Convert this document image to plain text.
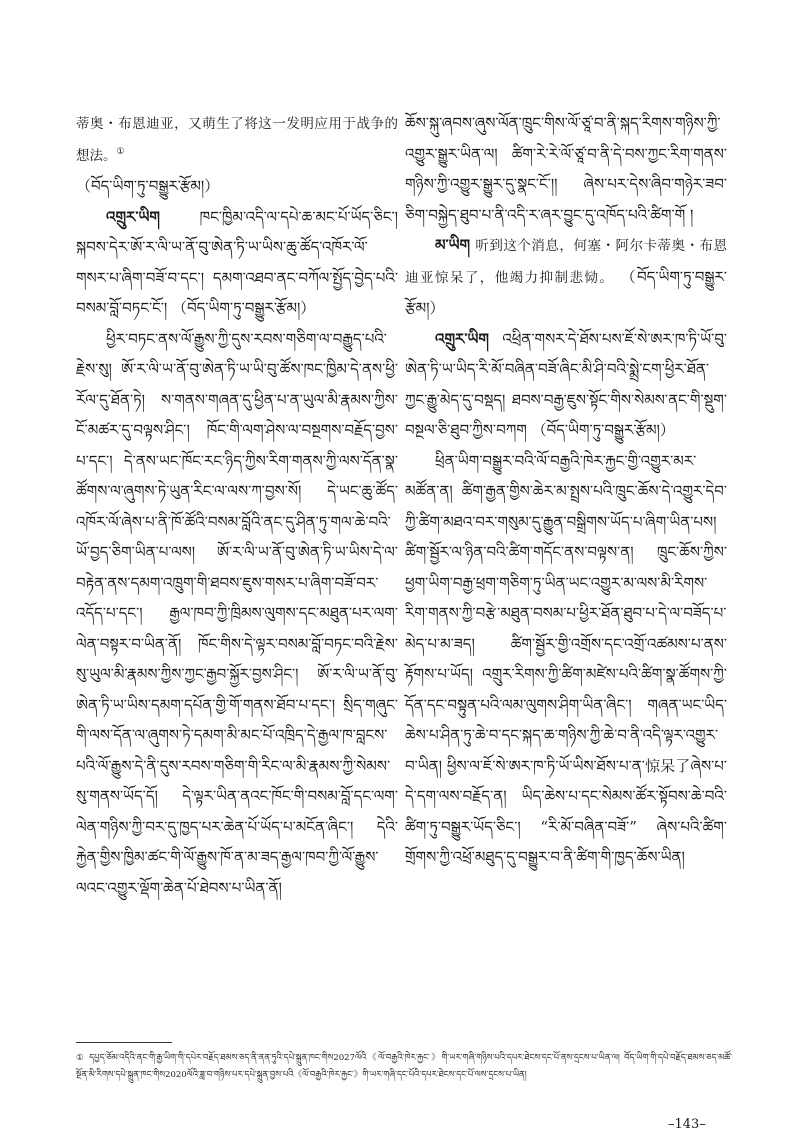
蒂奥・布恩迪亚，又萌生了将这一发明应用于战争的想法。①

（བོད་ཡིག་ཏུ་བསྒྱུར་རྩོམ།）

འགྲུར་ཡིག	ཁང་ཁྱིམ་འདི་ལ་དཔེ་ཆ་མང་པོ་ཡོད་ཅིང་། སྐབས་དེར་ཨོ་ར་ལི་ཡ་ནོ་བུ་ཨེན་ཏི་ཡ་ཡིས་ཆུ་ཚོད་འཁོར་ལོ་གསར་པ་ཞིག་བཟོ་བ་དང་། དམག་འཐབ་ནང་བཀོལ་སྤྱོད་བྱེད་པའི་བསམ་བློ་བཏང་ངོ་། （བོད་ཡིག་ཏུ་བསྒྱུར་རྩོམ།）

ཕྱིར་བཏང་ནས་ལོ་རྒྱུས་ཀྱི་དུས་རབས་གཅིག་ལ་བརྒྱུད་པའི་རྗེས་སུ། ཨོ་ར་ལི་ཡ་ནོ་བུ་ཨེན་ཏི་ཡ་ཡི་བུ་ཚོས་ཁང་ཁྱིམ་དེ་ནས་ཕྱི་རོལ་དུ་ཐོན་ཏེ། ས་གནས་གཞན་དུ་ཕྱིན་པ་ན་ཡུལ་མི་རྣམས་ཀྱིས་ངོ་མཚར་དུ་བལྟས་ཤིང་། ཁོང་གི་ལག་ཤེས་ལ་བསྔགས་བརྗོད་བྱས་པ་དང་། དེ་ནས་ཡང་ཁོང་རང་ཉིད་ཀྱིས་རིག་གནས་ཀྱི་ལས་དོན་སྣ་ཚོགས་ལ་ཞུགས་ཏེ་ཡུན་རིང་ལ་ལས་ཀ་བྱས་སོ། དེ་ཡང་ཆུ་ཚོད་འཁོར་ལོ་ཞེས་པ་ནི་ཁོ་ཚོའི་བསམ་བློའི་ནང་དུ་ཤིན་ཏུ་གལ་ཆེ་བའི་ཡོ་བྱད་ཅིག་ཡིན་པ་ལས། ཨོ་ར་ལི་ཡ་ནོ་བུ་ཨེན་ཏི་ཡ་ཡིས་དེ་ལ་བརྟེན་ནས་དམག་འཁྲུག་གི་ཐབས་ཇུས་གསར་པ་ཞིག་བཟོ་བར་འདོད་པ་དང་། རྒྱལ་ཁབ་ཀྱི་ཁྲིམས་ལུགས་དང་མཐུན་པར་ལག་ལེན་བསྟར་བ་ཡིན་ནོ། ཁོང་གིས་དེ་ལྟར་བསམ་བློ་བཏང་བའི་རྗེས་སུ་ཡུལ་མི་རྣམས་ཀྱིས་ཀྱང་རྒྱབ་སྐྱོར་བྱས་ཤིང་། ཨོ་ར་ལི་ཡ་ནོ་བུ་ཨེན་ཏི་ཡ་ཡིས་དམག་དཔོན་གྱི་གོ་གནས་ཐོབ་པ་དང་། སྲིད་གཞུང་གི་ལས་དོན་ལ་ཞུགས་ཏེ་དམག་མི་མང་པོ་འཁྲིད་དེ་རྒྱལ་ཁ་བླངས་པའི་ལོ་རྒྱུས་དེ་ནི་དུས་རབས་གཅིག་གི་རིང་ལ་མི་རྣམས་ཀྱི་སེམས་སུ་གནས་ཡོད་དོ། དེ་ལྟར་ཡིན་ནའང་ཁོང་གི་བསམ་བློ་དང་ལག་ལེན་གཉིས་ཀྱི་བར་དུ་ཁྱད་པར་ཆེན་པོ་ཡོད་པ་མངོན་ཞིང་། དེའི་རྐྱེན་གྱིས་ཁྱིམ་ཚང་གི་ལོ་རྒྱུས་ཁོ་ན་མ་ཟད་རྒྱལ་ཁབ་ཀྱི་ལོ་རྒྱུས་ལའང་འགྱུར་ལྡོག་ཆེན་པོ་ཐེབས་པ་ཡིན་ནོ།

ཆོས་སྐུ་ཞབས་ཞུས་ལོན་ཁྲུང་གིས་ལོ་ཙཱ་བ་ནི་སྐད་རིགས་གཉིས་ཀྱི་འགྱུར་སྒྱུར་ཡིན་ལ། ཚིག་རེ་རེ་ལོ་ཙཱ་བ་ནི་དེ་བས་ཀྱང་རིག་གནས་གཉིས་ཀྱི་འགྱུར་སྒྱུར་དུ་སྣང་ངོ་།། ཞེས་པར་དེས་ཞིབ་གཉེར་ཟབ་ཅིག་བསྐྱེད་ཐུབ་པ་ནི་འདི་ར་ཞར་བྱུང་དུ་འཁོད་པའི་ཚིག་གོ །

མ་ཡིག 听到这个消息，何塞・阿尔卡蒂奥・布恩迪亚惊呆了，他竭力抑制悲恸。 （བོད་ཡིག་ཏུ་བསྒྱུར་རྩོམ།）

འགྲུར་ཡིག འཕྲིན་གསར་དེ་ཐོས་པས་ཇོ་སེ་ཨར་ཁ་ཏི་ཡོ་བུ་ཨེན་ཏི་ཡ་ཡིད་རི་མོ་བཞིན་བཟོ་ཞིང་མི་ཤི་བའི་སྨྲེ་ངག་ཕྱིར་ཐོན་ཀྱང་རྒྱུ་མེད་དུ་བསྡད། ཐབས་བརྒྱ་ཇུས་སྟོང་གིས་སེམས་ནང་གི་སྡུག་བསྔལ་ཅི་ཐུབ་ཀྱིས་བཀག （བོད་ཡིག་ཏུ་བསྒྱུར་རྩོམ།）

ཕྲིན་ཡིག་བསྒྱུར་བའི་ལོ་བརྒྱའི་ཁེར་རྐྱང་གྱི་འགྱུར་མར་མཚོན་ན། ཚིག་རྒྱན་གྱིས་ཆེར་མ་སྤྲས་པའི་ཁྲུང་ཆོས་དེ་འགྱུར་དེབ་ཀྱི་ཚིག་མཐའ་བར་གསུམ་དུ་རྒྱུན་བསྒྲིགས་ཡོད་པ་ཞིག་ཡིན་པས། ཚིག་སྦྱོར་ལ་ཉིན་བའི་ཚིག་གདོང་ནས་བལྟས་ན། ཁྲུང་ཆོས་ཀྱིས་ཕྱག་ཡིག་བརྒྱ་ཕྲག་གཅིག་ཏུ་ཡིན་ཡང་འགྱུར་མ་ལས་མི་རིགས་རིག་གནས་ཀྱི་བརྩེ་མཐུན་བསམ་པ་ཕྱིར་ཐོན་ཐུབ་པ་དེ་ལ་བཟོད་པ་མེད་པ་མ་ཟད། ཚིག་སྦྱོར་གྱི་འགྲོས་དང་འགྲོ་འཚམས་པ་ནས་རྟོགས་པ་ཡོད། འགྲུར་རིགས་ཀྱི་ཚིག་མཛེས་པའི་ཚིག་སྣ་ཚོགས་ཀྱི་དོན་དང་བསྟུན་པའི་ལམ་ལུགས་ཤིག་ཡིན་ཞིང་། གཞན་ཡང་ཡིད་ཆེས་པ་ཤིན་ཏུ་ཆེ་བ་དང་སྐད་ཆ་གཉིས་ཀྱི་ཆེ་བ་ནི་འདི་ལྟར་འགྱུར་བ་ཡིན། ཕྱིས་ལ་ཇོ་སེ་ཨར་ཁ་ཏི་ཡོ་ཡིས་ཐོས་པ་ན་惊呆了ཞེས་པ་དེ་དག་ལས་བརྗོད་ན། ཡིད་ཆེས་པ་དང་སེམས་ཚོར་སྟོབས་ཆེ་བའི་ཚིག་ཏུ་བསྒྱུར་ཡོད་ཅིང་། “རི་མོ་བཞིན་བཟོ་” ཞེས་པའི་ཚིག་གྲོགས་ཀྱི་འཕྲོ་མཐུད་དུ་བསྒྱུར་བ་ནི་ཚིག་གི་ཁྱད་ཆོས་ཡིན།

① དཔྱད་ཅོམ་འདིའི་ནང་གི་རྒྱ་ཡིག་གི་དཔེར་བརྗོད་ཐམས་ཅད་ནི་ནན་ཏུའི་དཔེ་སྐྲུན་ཁང་གིས2027ལོའི《ལོ་བརྒྱའི་ཁེར་རྐྱང་》གི་ཡར་གཞི་གཉིས་པའི་དཔར་ཐེངས་དང་པོ་ནས་དྲངས་པ་ཡིན་ལ། བོད་ཡིག་གི་དཔེ་བརྗོད་ཐམས་ཅད་མཚོ་སྔོན་མི་རིགས་དཔེ་སྐྲུན་ཁང་གིས2020ལོའི་ཟླ་བ་གཉིས་པར་དཔེ་སྐྲུན་བྱས་པའི《ལོ་བརྒྱའི་ཁེར་རྐྱང་》གི་ཡར་གཞི་དང་པོའི་དཔར་ཐེངས་དང་པོ་ལས་དྲངས་པ་ཡིན།

–143–
